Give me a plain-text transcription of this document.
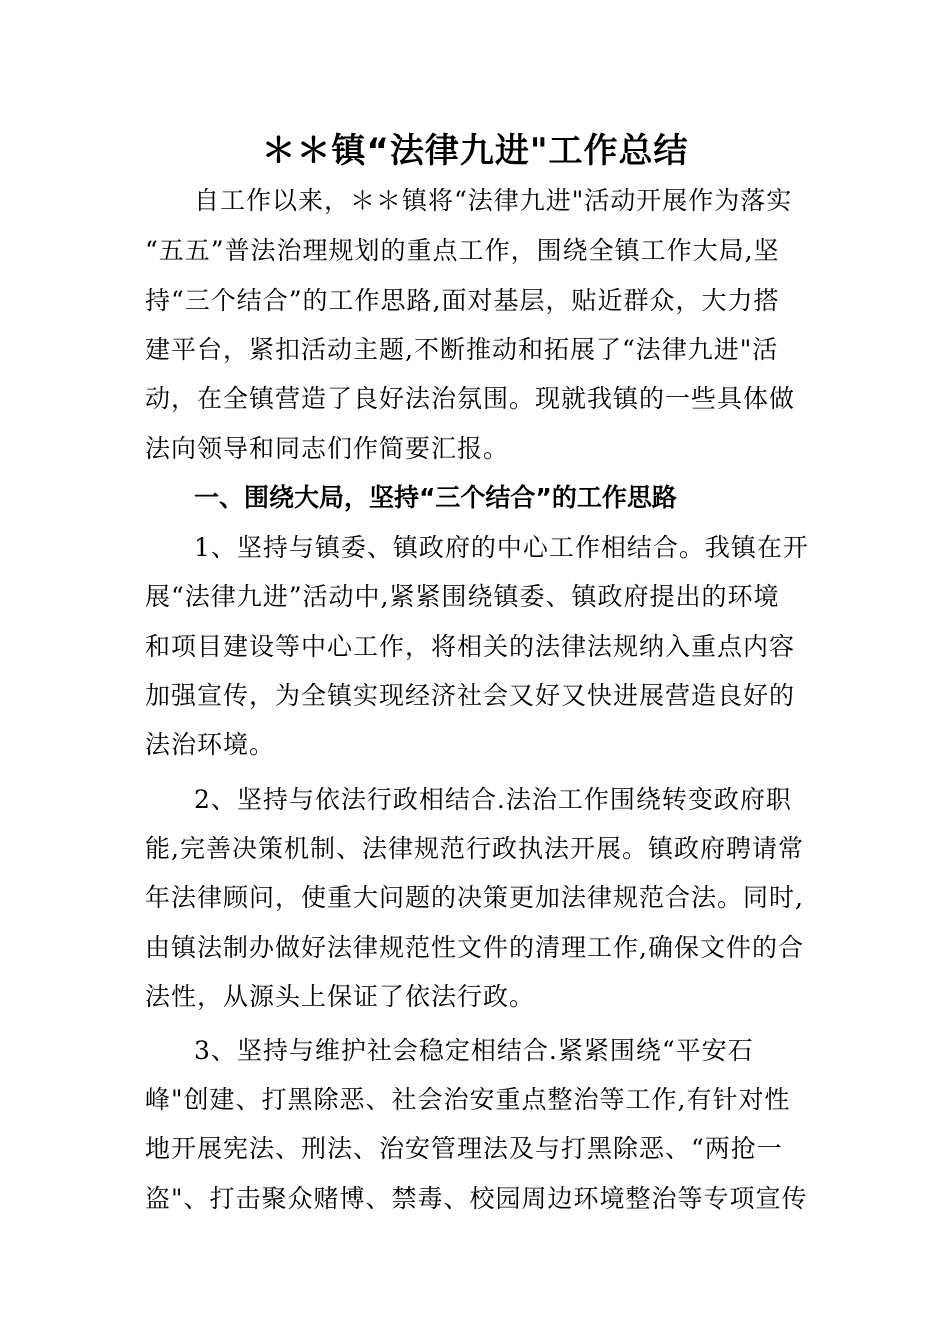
＊＊镇“法律九进"工作总结
自工作以来，＊＊镇将“法律九进"活动开展作为落实
“五五”普法治理规划的重点工作，围绕全镇工作大局,坚
持“三个结合”的工作思路,面对基层，贴近群众，大力搭
建平台，紧扣活动主题,不断推动和拓展了“法律九进"活
动，在全镇营造了良好法治氛围。现就我镇的一些具体做
法向领导和同志们作简要汇报。
一、围绕大局，坚持“三个结合”的工作思路
1、坚持与镇委、镇政府的中心工作相结合。我镇在开
展“法律九进”活动中,紧紧围绕镇委、镇政府提出的环境
和项目建设等中心工作，将相关的法律法规纳入重点内容
加强宣传，为全镇实现经济社会又好又快进展营造良好的
法治环境。
2、坚持与依法行政相结合.法治工作围绕转变政府职
能,完善决策机制、法律规范行政执法开展。镇政府聘请常
年法律顾问，使重大问题的决策更加法律规范合法。同时,
由镇法制办做好法律规范性文件的清理工作,确保文件的合
法性，从源头上保证了依法行政。
3、坚持与维护社会稳定相结合.紧紧围绕“平安石
峰"创建、打黑除恶、社会治安重点整治等工作,有针对性
地开展宪法、刑法、治安管理法及与打黑除恶、“两抢一
盗"、打击聚众赌博、禁毒、校园周边环境整治等专项宣传
